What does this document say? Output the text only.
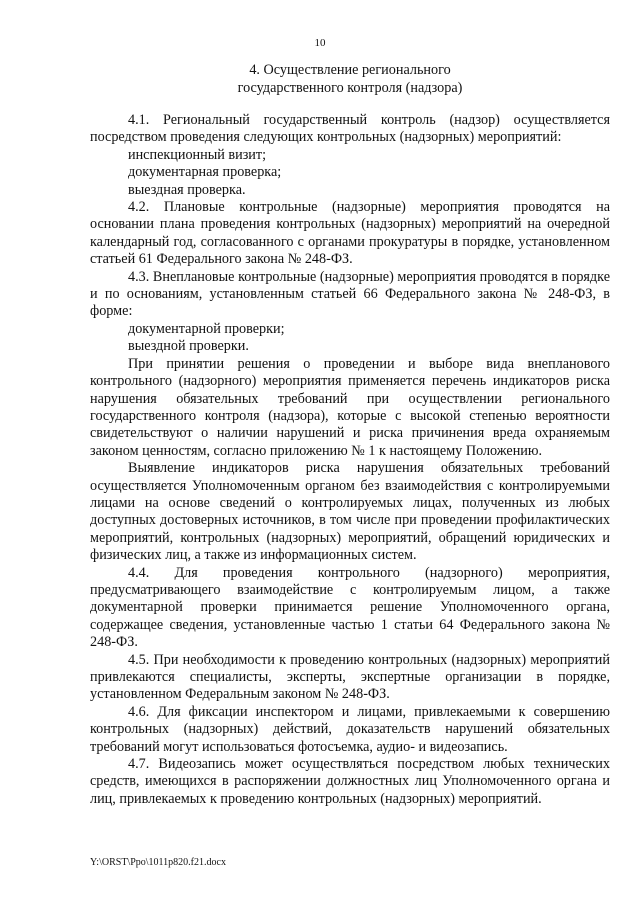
10
4. Осуществление регионального
государственного контроля (надзора)

4.1. Региональный государственный контроль (надзор) осуществляется посредством проведения следующих контрольных (надзорных) мероприятий:

инспекционный визит;

документарная проверка;

выездная проверка.

4.2. Плановые контрольные (надзорные) мероприятия проводятся на основании плана проведения контрольных (надзорных) мероприятий на очередной календарный год, согласованного с органами прокуратуры в порядке, установленном статьей 61 Федерального закона № 248-ФЗ.

4.3. Внеплановые контрольные (надзорные) мероприятия проводятся в порядке и по основаниям, установленным статьей 66 Федерального закона № 248-ФЗ, в форме:

документарной проверки;

выездной проверки.

При принятии решения о проведении и выборе вида внепланового контрольного (надзорного) мероприятия применяется перечень индикаторов риска нарушения обязательных требований при осуществлении регионального государственного контроля (надзора), которые с высокой степенью вероятности свидетельствуют о наличии нарушений и риска причинения вреда охраняемым законом ценностям, согласно приложению № 1 к настоящему Положению.

Выявление индикаторов риска нарушения обязательных требований осуществляется Уполномоченным органом без взаимодействия с контролируемыми лицами на основе сведений о контролируемых лицах, полученных из любых доступных достоверных источников, в том числе при проведении профилактических мероприятий, контрольных (надзорных) мероприятий, обращений юридических и физических лиц, а также из информационных систем.

4.4. Для проведения контрольного (надзорного) мероприятия, предусматривающего взаимодействие с контролируемым лицом, а также документарной проверки принимается решение Уполномоченного органа, содержащее сведения, установленные частью 1 статьи 64 Федерального закона № 248-ФЗ.

4.5. При необходимости к проведению контрольных (надзорных) мероприятий привлекаются специалисты, эксперты, экспертные организации в порядке, установленном Федеральным законом № 248-ФЗ.

4.6. Для фиксации инспектором и лицами, привлекаемыми к совершению контрольных (надзорных) действий, доказательств нарушений обязательных требований могут использоваться фотосъемка, аудио- и видеозапись.

4.7. Видеозапись может осуществляться посредством любых технических средств, имеющихся в распоряжении должностных лиц Уполномоченного органа и лиц, привлекаемых к проведению контрольных (надзорных) мероприятий.

Y:\ORST\Ppo\1011p820.f21.docx
